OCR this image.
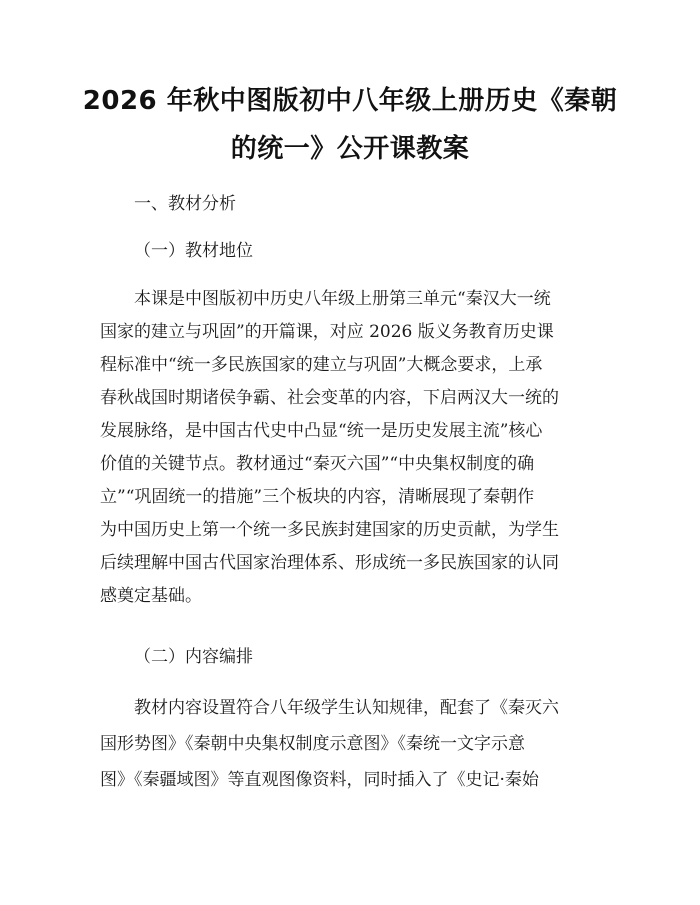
2026 年秋中图版初中八年级上册历史《秦朝
的统一》公开课教案
一、教材分析
（一）教材地位
本课是中图版初中历史八年级上册第三单元“秦汉大一统
国家的建立与巩固”的开篇课，对应 2026 版义务教育历史课
程标准中“统一多民族国家的建立与巩固”大概念要求，上承
春秋战国时期诸侯争霸、社会变革的内容，下启两汉大一统的
发展脉络，是中国古代史中凸显“统一是历史发展主流”核心
价值的关键节点。教材通过“秦灭六国”“中央集权制度的确
立”“巩固统一的措施”三个板块的内容，清晰展现了秦朝作
为中国历史上第一个统一多民族封建国家的历史贡献，为学生
后续理解中国古代国家治理体系、形成统一多民族国家的认同
感奠定基础。
（二）内容编排
教材内容设置符合八年级学生认知规律，配套了《秦灭六
国形势图》《秦朝中央集权制度示意图》《秦统一文字示意
图》《秦疆域图》等直观图像资料，同时插入了《史记·秦始
